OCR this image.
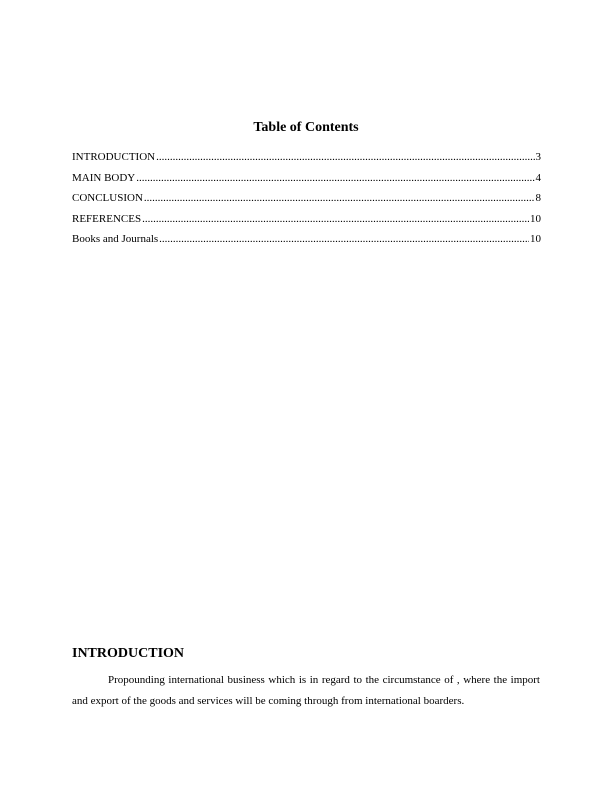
Table of Contents
INTRODUCTION .....	3
MAIN BODY .....	4
CONCLUSION .....	8
REFERENCES .....	10
Books and Journals .....	10
INTRODUCTION

Propounding international business which is in regard to the circumstance of , where the import and export of the goods and services will be coming through from international boarders.
